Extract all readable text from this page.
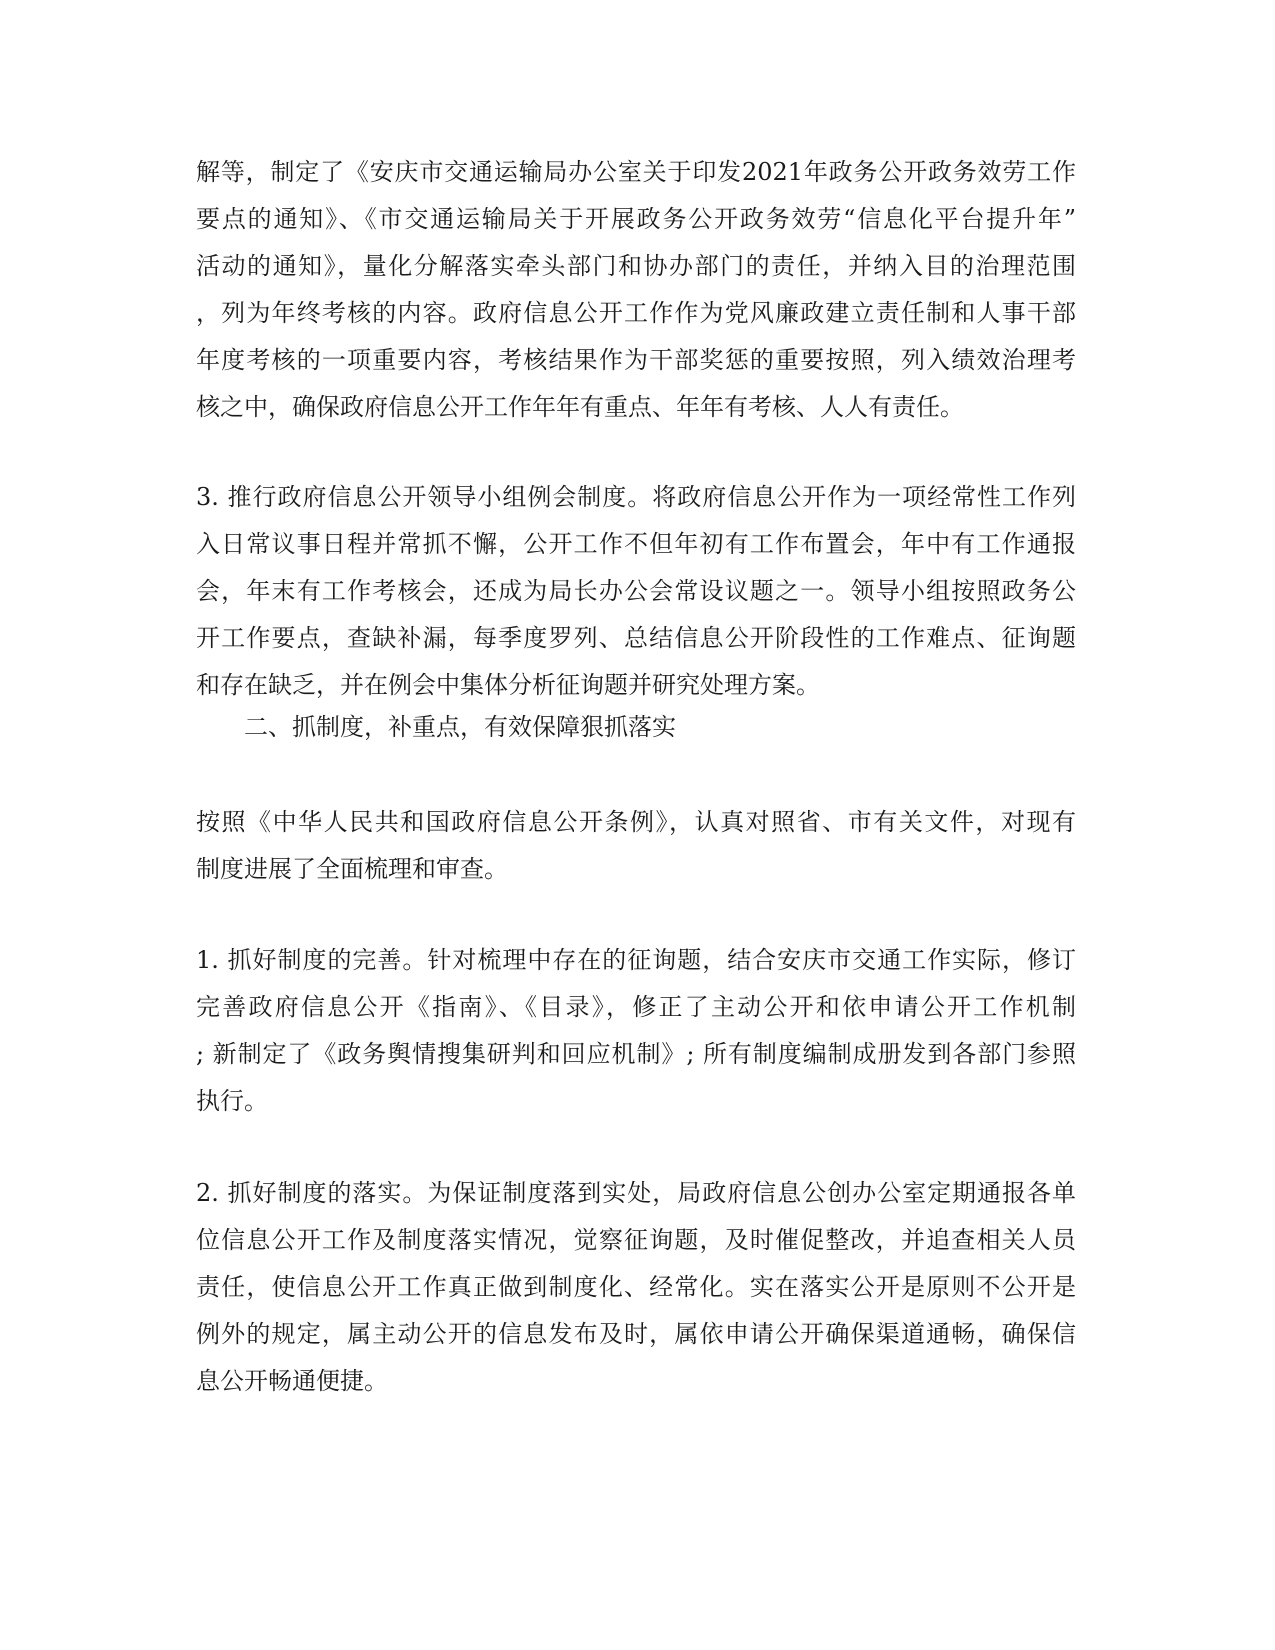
解等，制定了《安庆市交通运输局办公室关于印发2021年政务公开政务效劳工作
要点的通知》、《市交通运输局关于开展政务公开政务效劳“信息化平台提升年”
活动的通知》，量化分解落实牵头部门和协办部门的责任，并纳入目的治理范围
，列为年终考核的内容。政府信息公开工作作为党风廉政建立责任制和人事干部
年度考核的一项重要内容，考核结果作为干部奖惩的重要按照，列入绩效治理考
核之中，确保政府信息公开工作年年有重点、年年有考核、人人有责任。
3. 推行政府信息公开领导小组例会制度。将政府信息公开作为一项经常性工作列
入日常议事日程并常抓不懈，公开工作不但年初有工作布置会，年中有工作通报
会，年末有工作考核会，还成为局长办公会常设议题之一。领导小组按照政务公
开工作要点，查缺补漏，每季度罗列、总结信息公开阶段性的工作难点、征询题
和存在缺乏，并在例会中集体分析征询题并研究处理方案。
二、抓制度，补重点，有效保障狠抓落实
按照《中华人民共和国政府信息公开条例》，认真对照省、市有关文件，对现有
制度进展了全面梳理和审查。
1. 抓好制度的完善。针对梳理中存在的征询题，结合安庆市交通工作实际，修订
完善政府信息公开《指南》、《目录》，修正了主动公开和依申请公开工作机制
; 新制定了《政务舆情搜集研判和回应机制》; 所有制度编制成册发到各部门参照
执行。
2. 抓好制度的落实。为保证制度落到实处，局政府信息公创办公室定期通报各单
位信息公开工作及制度落实情况，觉察征询题，及时催促整改，并追查相关人员
责任，使信息公开工作真正做到制度化、经常化。实在落实公开是原则不公开是
例外的规定，属主动公开的信息发布及时，属依申请公开确保渠道通畅，确保信
息公开畅通便捷。
